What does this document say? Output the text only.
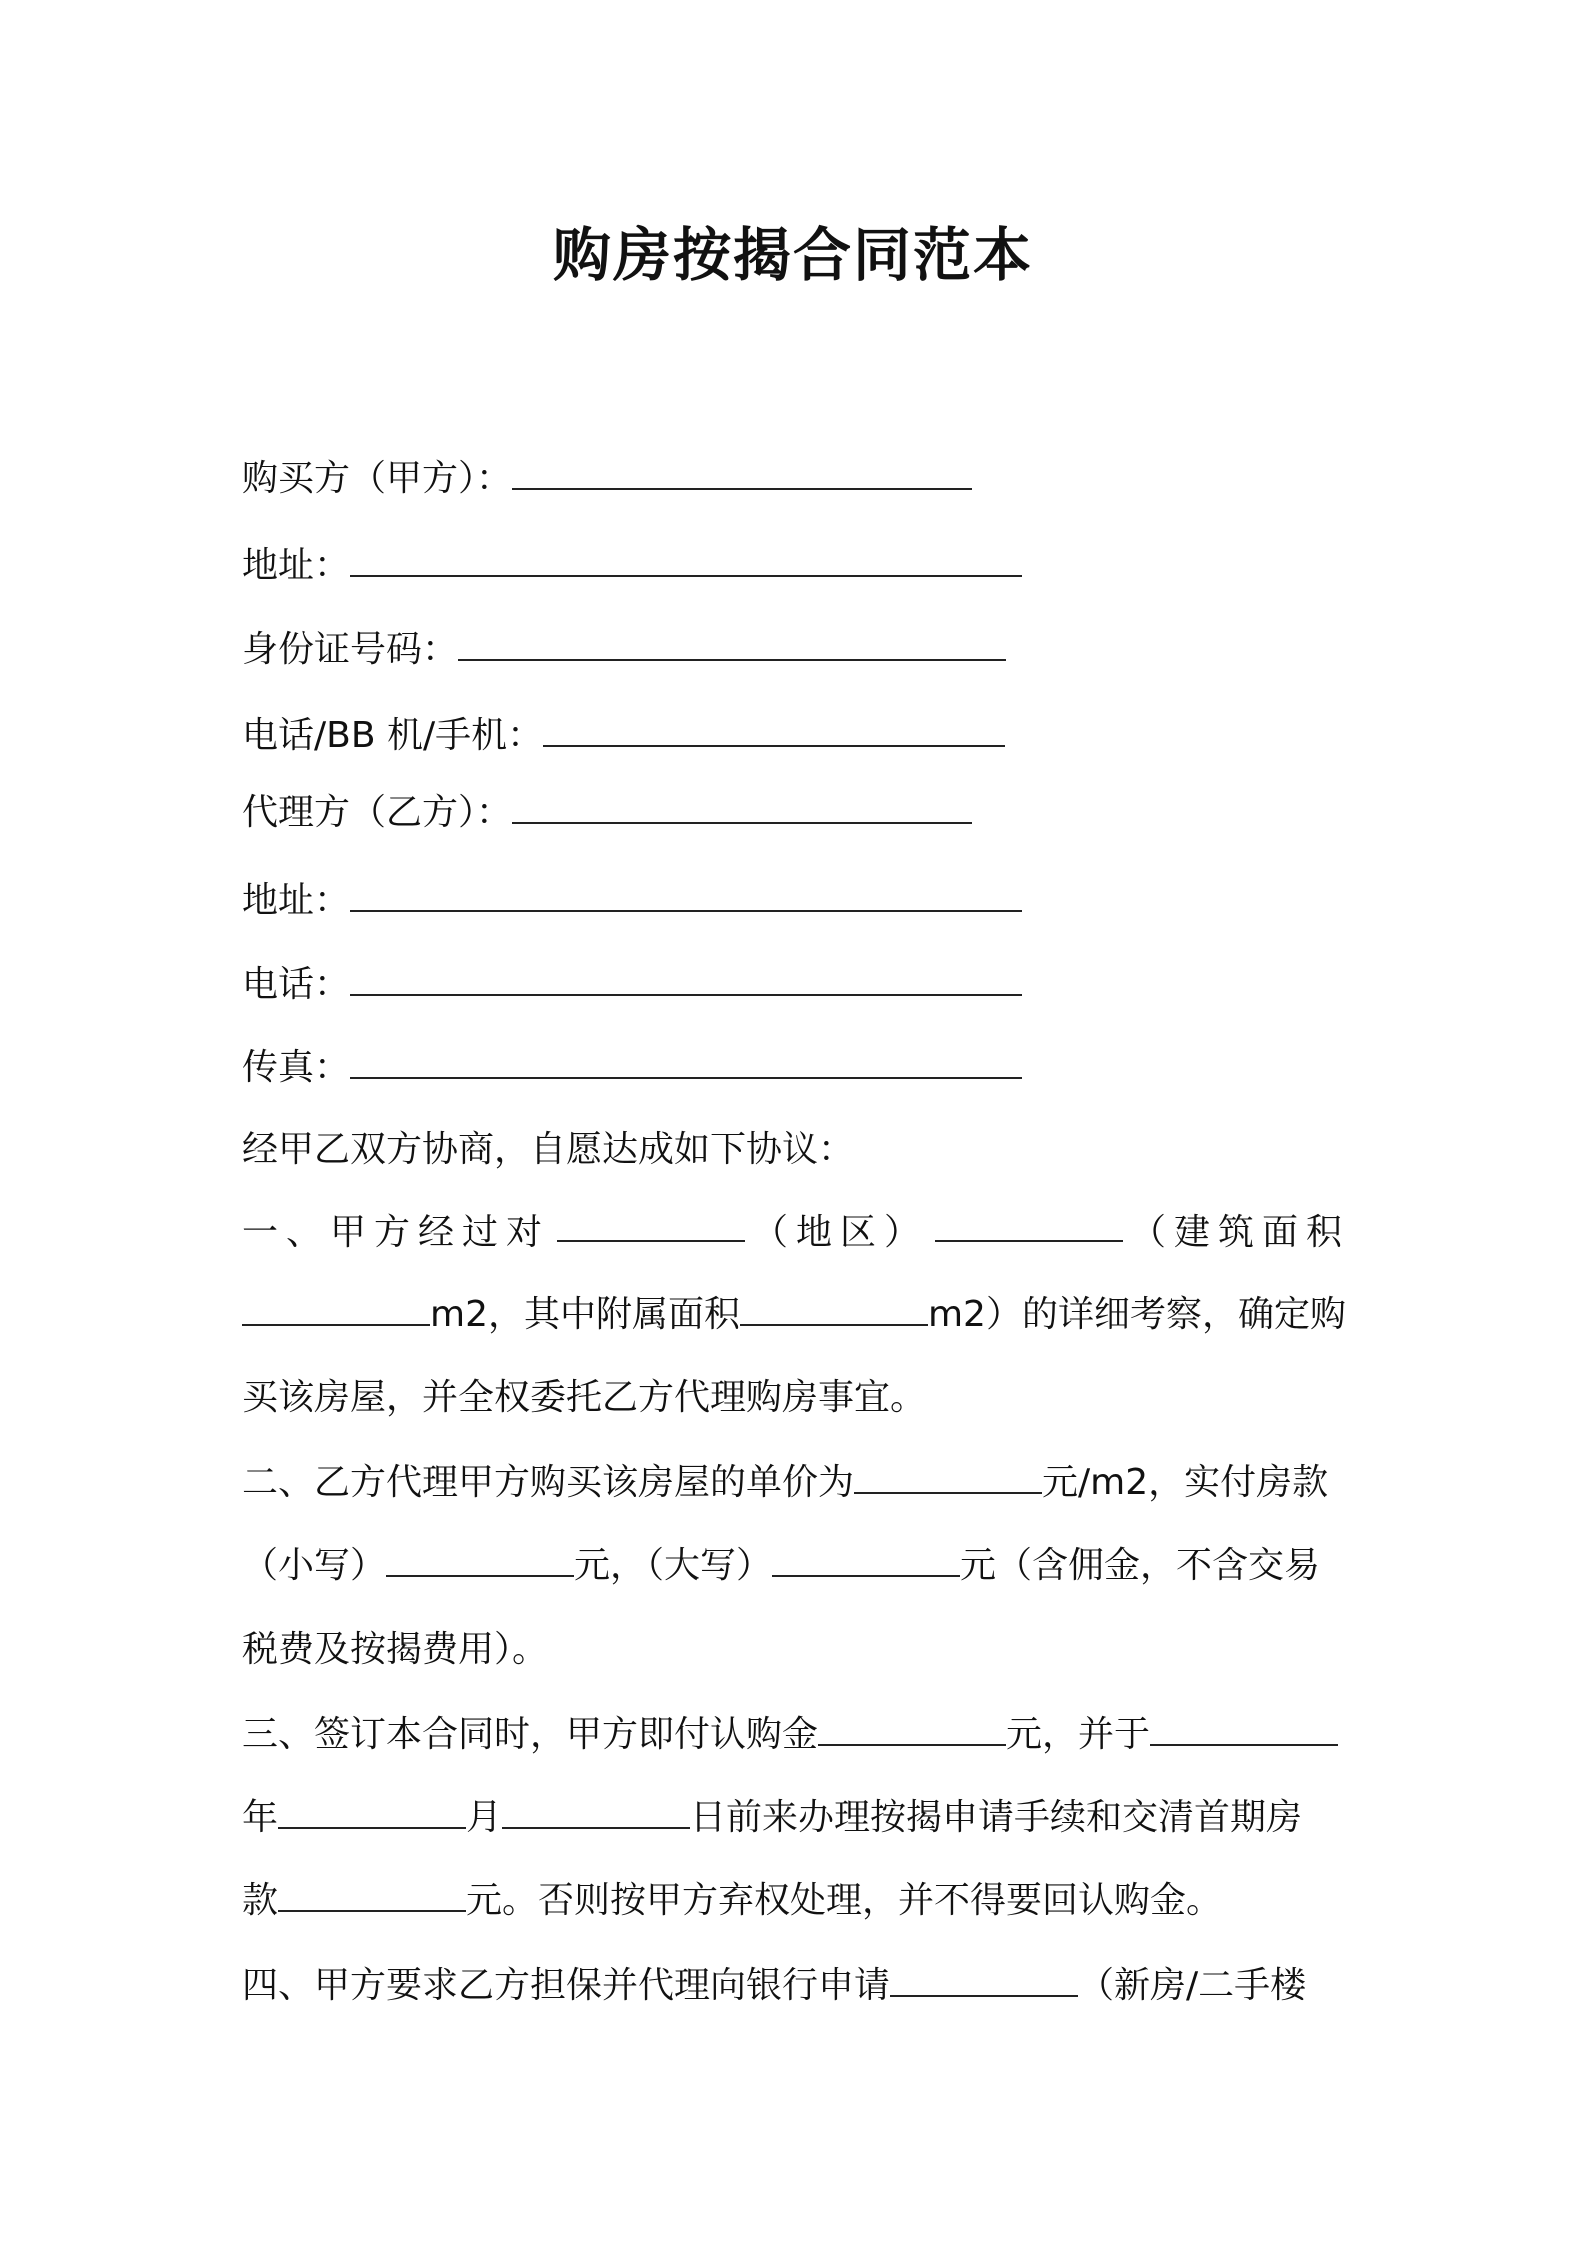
购房按揭合同范本
购买方（甲方）：
地址：
身份证号码：
电话/BB 机/手机：
代理方（乙方）：
地址：
电话：
传真：
经甲乙双方协商，自愿达成如下协议：
一、甲方经过对	（地区）	（建筑面积
m2，其中附属面积	m2）的详细考察，确定购
买该房屋，并全权委托乙方代理购房事宜。
二、乙方代理甲方购买该房屋的单价为	元/m2，实付房款
（小写）	元，（大写）	元（含佣金，不含交易
税费及按揭费用）。
三、签订本合同时，甲方即付认购金	元，并于
年	月	日前来办理按揭申请手续和交清首期房
款	元。否则按甲方弃权处理，并不得要回认购金。
四、甲方要求乙方担保并代理向银行申请	（新房/二手楼
